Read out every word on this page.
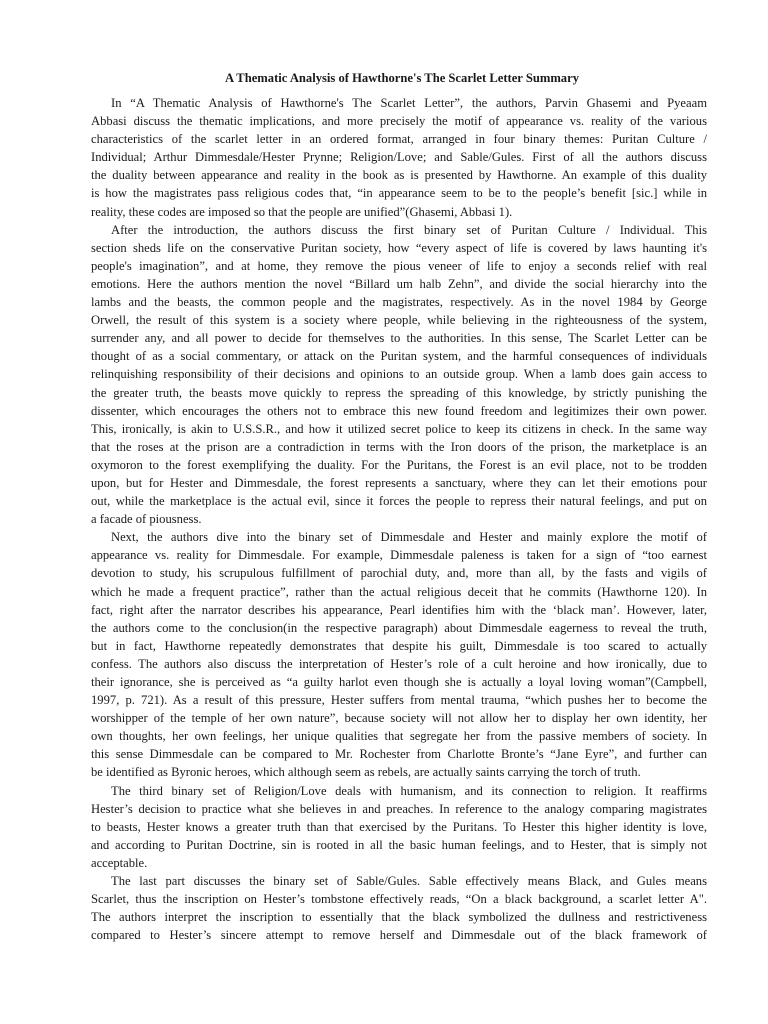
A Thematic Analysis of Hawthorne's The Scarlet Letter Summary

In “A Thematic Analysis of Hawthorne's The Scarlet Letter”, the authors, Parvin Ghasemi and Pyeaam
Abbasi discuss the thematic implications, and more precisely the motif of appearance vs. reality of the various
characteristics of the scarlet letter in an ordered format, arranged in four binary themes: Puritan Culture /
Individual; Arthur Dimmesdale/Hester Prynne; Religion/Love; and Sable/Gules. First of all the authors discuss
the duality between appearance and reality in the book as is presented by Hawthorne. An example of this duality
is how the magistrates pass religious codes that, “in appearance seem to be to the people’s benefit [sic.] while in
reality, these codes are imposed so that the people are unified”(Ghasemi, Abbasi 1).

After the introduction, the authors discuss the first binary set of Puritan Culture / Individual. This
section sheds life on the conservative Puritan society, how “every aspect of life is covered by laws haunting it's
people's imagination”, and at home, they remove the pious veneer of life to enjoy a seconds relief with real
emotions. Here the authors mention the novel “Billard um halb Zehn”, and divide the social hierarchy into the
lambs and the beasts, the common people and the magistrates, respectively. As in the novel 1984 by George
Orwell, the result of this system is a society where people, while believing in the righteousness of the system,
surrender any, and all power to decide for themselves to the authorities. In this sense, The Scarlet Letter can be
thought of as a social commentary, or attack on the Puritan system, and the harmful consequences of individuals
relinquishing responsibility of their decisions and opinions to an outside group. When a lamb does gain access to
the greater truth, the beasts move quickly to repress the spreading of this knowledge, by strictly punishing the
dissenter, which encourages the others not to embrace this new found freedom and legitimizes their own power.
This, ironically, is akin to U.S.S.R., and how it utilized secret police to keep its citizens in check. In the same way
that the roses at the prison are a contradiction in terms with the Iron doors of the prison, the marketplace is an
oxymoron to the forest exemplifying the duality. For the Puritans, the Forest is an evil place, not to be trodden
upon, but for Hester and Dimmesdale, the forest represents a sanctuary, where they can let their emotions pour
out, while the marketplace is the actual evil, since it forces the people to repress their natural feelings, and put on
a facade of piousness.

Next, the authors dive into the binary set of Dimmesdale and Hester and mainly explore the motif of
appearance vs. reality for Dimmesdale. For example, Dimmesdale paleness is taken for a sign of “too earnest
devotion to study, his scrupulous fulfillment of parochial duty, and, more than all, by the fasts and vigils of
which he made a frequent practice”, rather than the actual religious deceit that he commits (Hawthorne 120). In
fact, right after the narrator describes his appearance, Pearl identifies him with the ‘black man’. However, later,
the authors come to the conclusion(in the respective paragraph) about Dimmesdale eagerness to reveal the truth,
but in fact, Hawthorne repeatedly demonstrates that despite his guilt, Dimmesdale is too scared to actually
confess. The authors also discuss the interpretation of Hester’s role of a cult heroine and how ironically, due to
their ignorance, she is perceived as “a guilty harlot even though she is actually a loyal loving woman”(Campbell,
1997, p. 721). As a result of this pressure, Hester suffers from mental trauma, “which pushes her to become the
worshipper of the temple of her own nature”, because society will not allow her to display her own identity, her
own thoughts, her own feelings, her unique qualities that segregate her from the passive members of society. In
this sense Dimmesdale can be compared to Mr. Rochester from Charlotte Bronte’s “Jane Eyre”, and further can
be identified as Byronic heroes, which although seem as rebels, are actually saints carrying the torch of truth.

The third binary set of Religion/Love deals with humanism, and its connection to religion. It reaffirms
Hester’s decision to practice what she believes in and preaches. In reference to the analogy comparing magistrates
to beasts, Hester knows a greater truth than that exercised by the Puritans. To Hester this higher identity is love,
and according to Puritan Doctrine, sin is rooted in all the basic human feelings, and to Hester, that is simply not
acceptable.

The last part discusses the binary set of Sable/Gules. Sable effectively means Black, and Gules means
Scarlet, thus the inscription on Hester’s tombstone effectively reads, “On a black background, a scarlet letter A".
The authors interpret the inscription to essentially that the black symbolized the dullness and restrictiveness
compared to Hester’s sincere attempt to remove herself and Dimmesdale out of the black framework of
